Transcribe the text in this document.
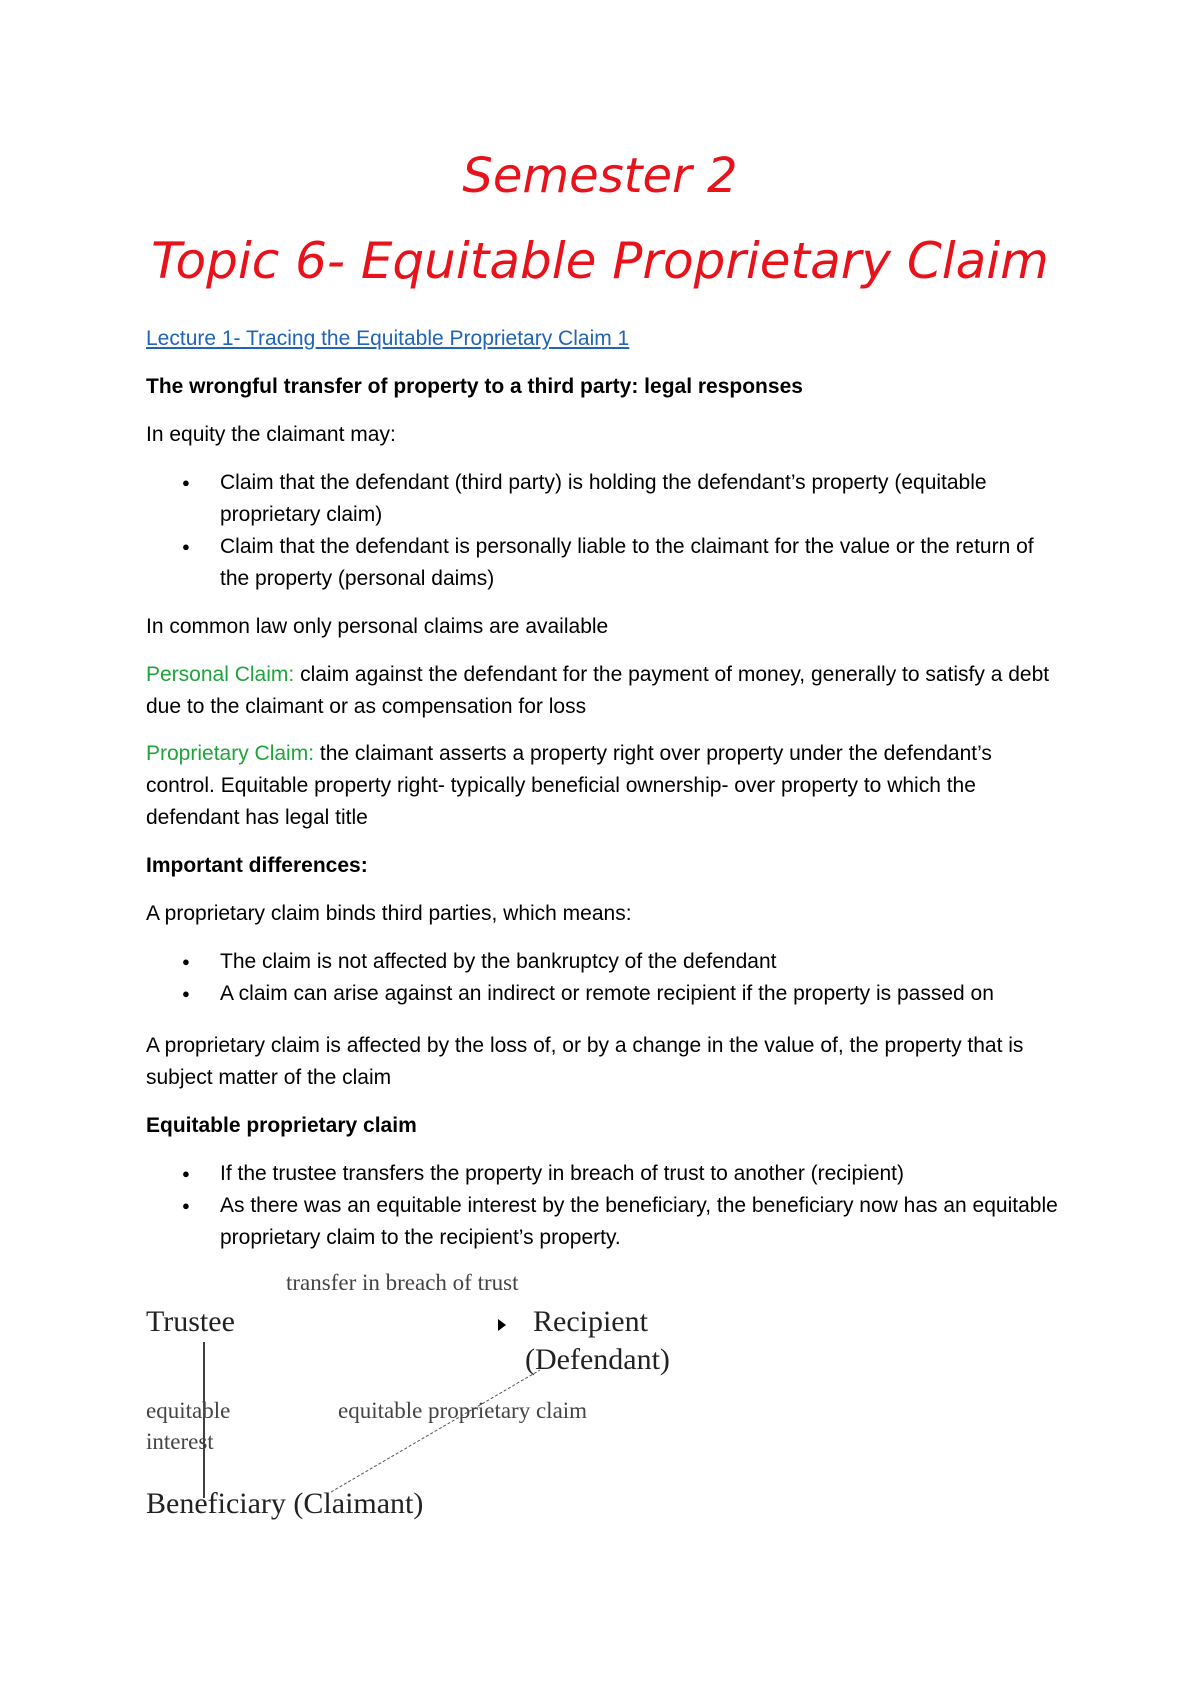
Semester 2
Topic 6- Equitable Proprietary Claim

Lecture 1- Tracing the Equitable Proprietary Claim 1

The wrongful transfer of property to a third party: legal responses

In equity the claimant may:

● Claim that the defendant (third party) is holding the defendant’s property (equitable proprietary claim)
● Claim that the defendant is personally liable to the claimant for the value or the return of the property (personal daims)

In common law only personal claims are available

Personal Claim: claim against the defendant for the payment of money, generally to satisfy a debt due to the claimant or as compensation for loss

Proprietary Claim: the claimant asserts a property right over property under the defendant’s control. Equitable property right- typically beneficial ownership- over property to which the defendant has legal title

Important differences:

A proprietary claim binds third parties, which means:

● The claim is not affected by the bankruptcy of the defendant
● A claim can arise against an indirect or remote recipient if the property is passed on

A proprietary claim is affected by the loss of, or by a change in the value of, the property that is subject matter of the claim

Equitable proprietary claim

● If the trustee transfers the property in breach of trust to another (recipient)
● As there was an equitable interest by the beneficiary, the beneficiary now has an equitable proprietary claim to the recipient’s property.
transfer in breach of trust
Trustee	Recipient
(Defendant)
equitable
interest
equitable proprietary claim
Beneficiary (Claimant)
